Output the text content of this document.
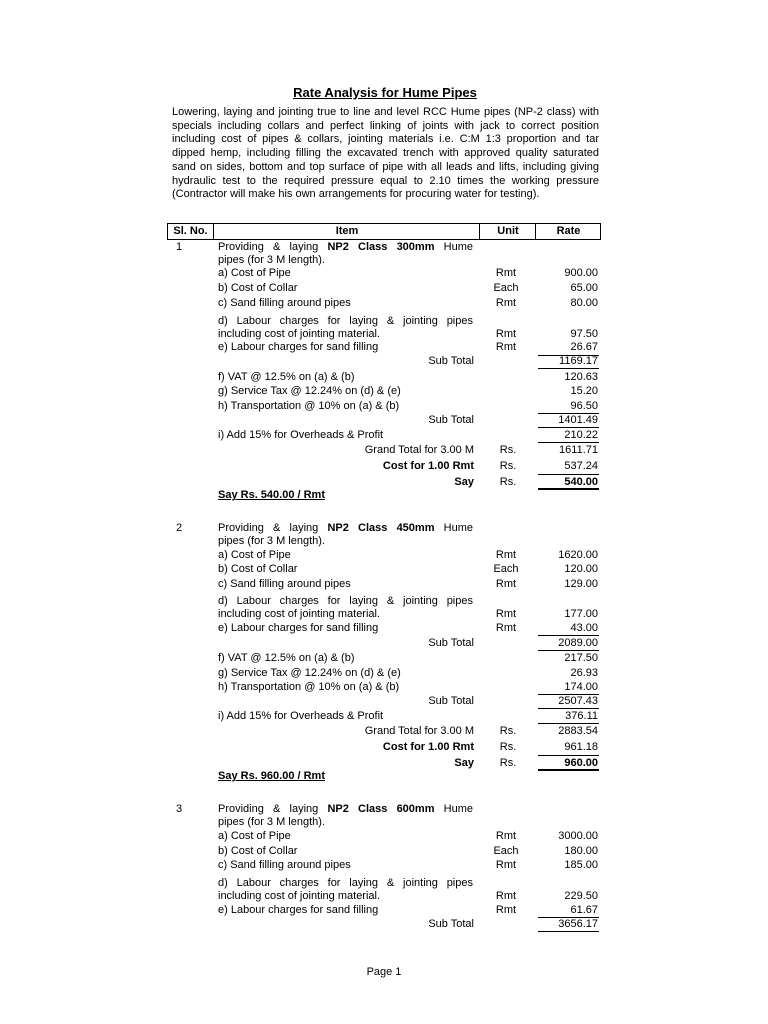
Rate Analysis for Hume Pipes
Lowering, laying and jointing true to line and level RCC Hume pipes (NP-2 class) with specials including collars and perfect linking of joints with jack to correct position including cost of pipes & collars, jointing materials i.e. C:M 1:3 proportion and tar dipped hemp, including filling the excavated trench with approved quality saturated sand on sides, bottom and top surface of pipe with all leads and lifts, including giving hydraulic test to the required pressure equal to 2.10 times the working pressure (Contractor will make his own arrangements for procuring water for testing).
Sl. No.	Item	Unit	Rate
1	Providing & laying NP2 Class 300mm Hume
pipes (for 3 M length).
a) Cost of Pipe	Rmt	900.00
b) Cost of Collar	Each	65.00
c) Sand filling around pipes	Rmt	80.00
d) Labour charges for laying & jointing pipes
including cost of jointing material.	Rmt	97.50
e) Labour charges for sand filling	Rmt	26.67
Sub Total	1169.17
f) VAT @ 12.5% on (a) & (b)	120.63
g) Service Tax @ 12.24% on (d) & (e)	15.20
h) Transportation @ 10% on (a) & (b)	96.50
Sub Total	1401.49
i) Add 15% for Overheads & Profit	210.22
Grand Total for 3.00 M	Rs.	1611.71
Cost for 1.00 Rmt	Rs.	537.24
Say	Rs.	540.00
Say Rs. 540.00 / Rmt
2	Providing & laying NP2 Class 450mm Hume
pipes (for 3 M length).
a) Cost of Pipe	Rmt	1620.00
b) Cost of Collar	Each	120.00
c) Sand filling around pipes	Rmt	129.00
d) Labour charges for laying & jointing pipes
including cost of jointing material.	Rmt	177.00
e) Labour charges for sand filling	Rmt	43.00
Sub Total	2089.00
f) VAT @ 12.5% on (a) & (b)	217.50
g) Service Tax @ 12.24% on (d) & (e)	26.93
h) Transportation @ 10% on (a) & (b)	174.00
Sub Total	2507.43
i) Add 15% for Overheads & Profit	376.11
Grand Total for 3.00 M	Rs.	2883.54
Cost for 1.00 Rmt	Rs.	961.18
Say	Rs.	960.00
Say Rs. 960.00 / Rmt
3	Providing & laying NP2 Class 600mm Hume
pipes (for 3 M length).
a) Cost of Pipe	Rmt	3000.00
b) Cost of Collar	Each	180.00
c) Sand filling around pipes	Rmt	185.00
d) Labour charges for laying & jointing pipes
including cost of jointing material.	Rmt	229.50
e) Labour charges for sand filling	Rmt	61.67
Sub Total	3656.17
Page 1
